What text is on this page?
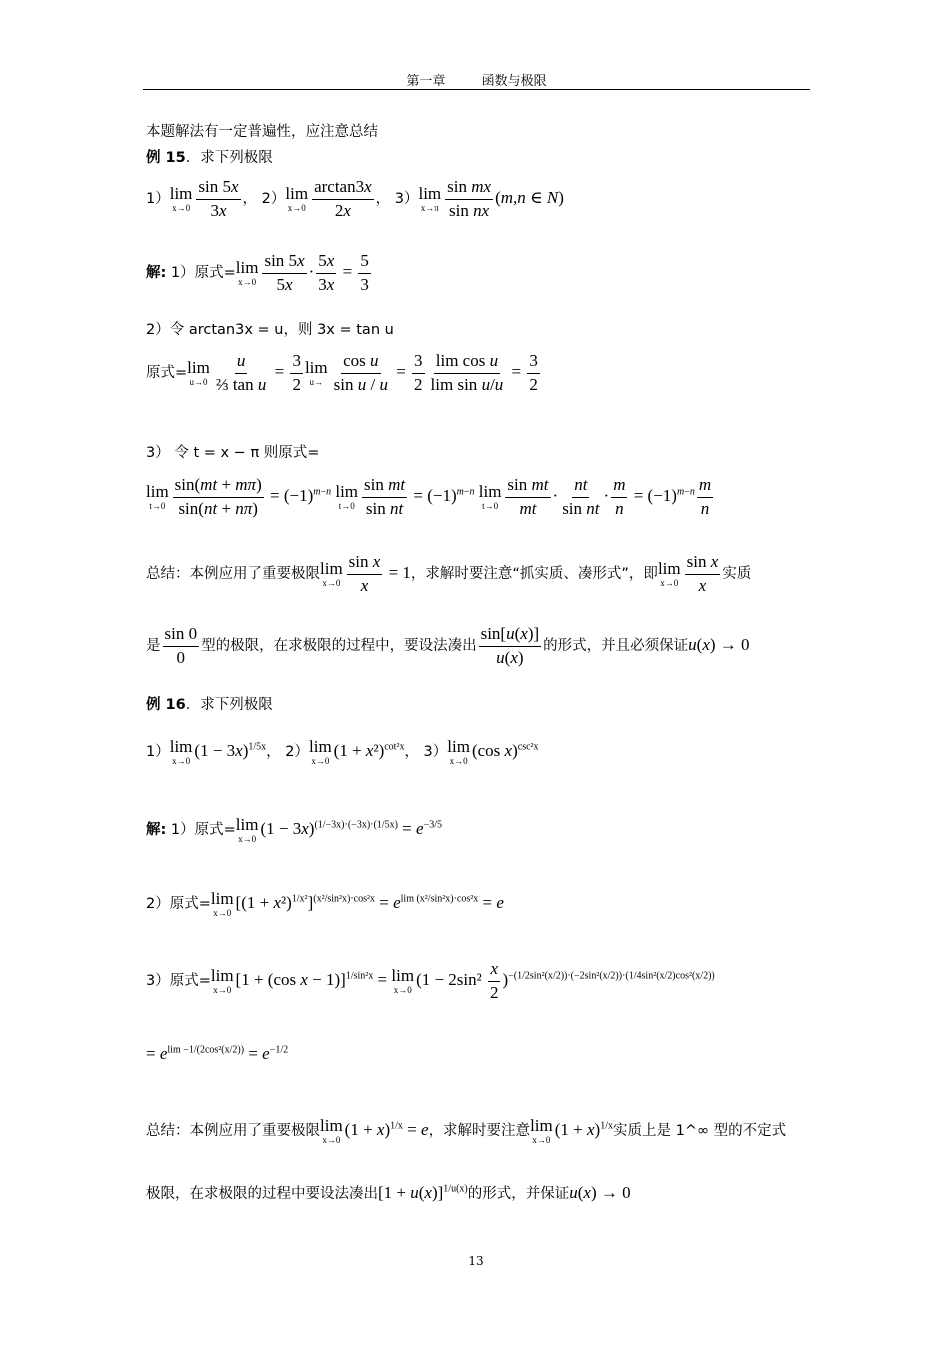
第一章	函数与极限
本题解法有一定普遍性，应注意总结
例 15．求下列极限
1）lim
$x\to 0 \frac{\sin 5x}{3x}$ ， 2）lim
$x\to 0 \frac{\arctan 3x}{2x}$ ， 3）lim
$x\to\pi \frac{\text{sin mx}}{\text{sin nx}} (m,n$ ∈ N)
解: 1）原式=lim
$x\to 0 \frac{\sin 5x}{5x} \cdot \frac{5x}{3x} = \frac{5}{3}$
2）令 arctan3x = u，则 3x = tan u
原式=lim
$u\to 0 \frac{u}{\text{⅔ tan u}} = \frac{3}{2}$ lim
$u\to \frac{\text{cos u}}{\text{sin u / u}} = \frac{3}{2} \frac{\text{lim cos u}}{\text{lim sin u/u}} = \frac{3}{2}$
3） 令 t = x − π 则原式=
lim
$t\to 0 \frac{\sin(mt + m\pi)}{\sin(nt + n\pi)} = (-1)^{m-n}$ lim
$t\to 0 \frac{\text{sin mt}}{\text{sin nt}} = (-1)^{m-n}$ lim
$t\to 0 \frac{\text{sin mt}}{mt} \cdot \frac{nt}{\text{sin nt}} \cdot \frac{m}{n} = (-1)^{m-n} \frac{m}{n}$
总结：本例应用了重要极限lim
$x\to 0 \frac{\text{sin x}}{x} = 1$，求解时要注意“抓实质、凑形式”，即lim
$x\to 0 \frac{\text{sin x}}{x}$ 实质
是 $\frac{\sin 0}{0}$ 型的极限，在求极限的过程中，要设法凑出 $\frac{\sin[u(x)]}{u(x)}$ 的形式，并且必须保证u(x) → 0
例 16．求下列极限
1）lim
x→0
$(1 - 3x)^{1/5x}$， 2）lim
x→0
$(1 + x^2)^{cot^2x}$， 3）lim
x→0
(cos x)$^{csc^2x}$
解: 1）原式=lim
x→0
$(1 - 3x)^{(1/-3x)\cdot(-3x)\cdot(1/5x)} = e^{-3/5}$
2）原式=lim
x→0
$[(1 + x^2)^{1/x^2}]^{(x^2/sin^2x)\cdot cos^2x} = e^{lim (x^2/sin^2x)\cdot cos^2x} = e$
3）原式=lim
x→0
[1 + (cos x − 1)]$^{1/sin^2x}$ = lim
x→0
$(1 - 2\sin^2 \frac{x}{2} )^{-(1/2sin^2(x/2))\cdot(-2sin^2(x/2))\cdot(1/4sin^2(x/2)cos^2(x/2))}$
= $e^{lim -1/(2cos^2(x/2))} = e^{-1/2}$
总结：本例应用了重要极限lim
x→0
$(1 + x)^{1/x} = e$，求解时要注意lim
x→0
$(1 + x)^{1/x}$实质上是 1^∞ 型的不定式
极限，在求极限的过程中要设法凑出$[1 + u(x)]^{1/u(x)}$的形式，并保证u(x) → 0
13
